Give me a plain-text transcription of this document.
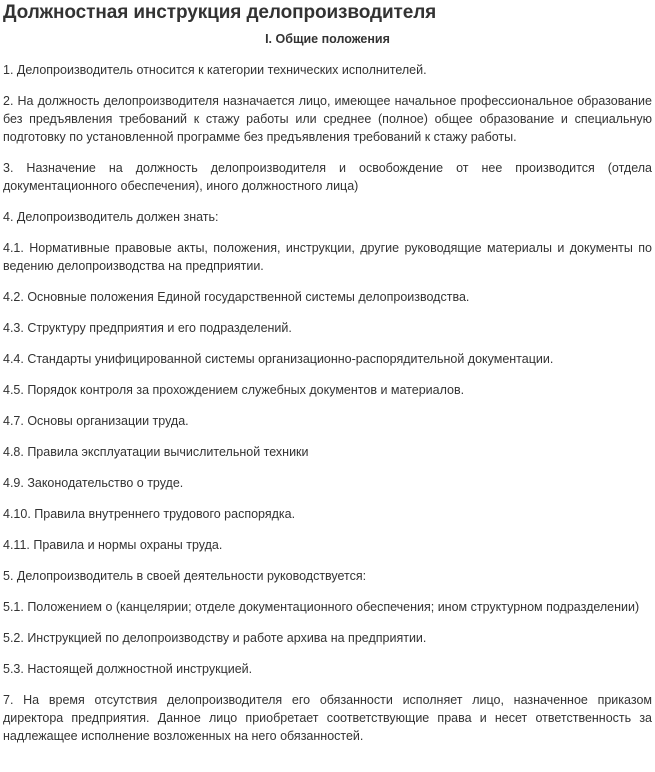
Должностная инструкция делопроизводителя
I. Общие положения

1. Делопроизводитель относится к категории технических исполнителей.

2. На должность делопроизводителя назначается лицо, имеющее начальное профессиональное образование без предъявления требований к стажу работы или среднее (полное) общее образование и специальную подготовку по установленной программе без предъявления требований к стажу работы.

3. Назначение на должность делопроизводителя и освобождение от нее производится (отдела документационного обеспечения), иного должностного лица)

4. Делопроизводитель должен знать:

4.1. Нормативные правовые акты, положения, инструкции, другие руководящие материалы и документы по ведению делопроизводства на предприятии.

4.2. Основные положения Единой государственной системы делопроизводства.

4.3. Структуру предприятия и его подразделений.

4.4. Стандарты унифицированной системы организационно-распорядительной документации.

4.5. Порядок контроля за прохождением служебных документов и материалов.

4.7. Основы организации труда.

4.8. Правила эксплуатации вычислительной техники

4.9. Законодательство о труде.

4.10. Правила внутреннего трудового распорядка.

4.11. Правила и нормы охраны труда.

5. Делопроизводитель в своей деятельности руководствуется:

5.1. Положением о (канцелярии; отделе документационного обеспечения; ином структурном подразделении)

5.2. Инструкцией по делопроизводству и работе архива на предприятии.

5.3. Настоящей должностной инструкцией.

7. На время отсутствия делопроизводителя его обязанности исполняет лицо, назначенное приказом директора предприятия. Данное лицо приобретает соответствующие права и несет ответственность за надлежащее исполнение возложенных на него обязанностей.
